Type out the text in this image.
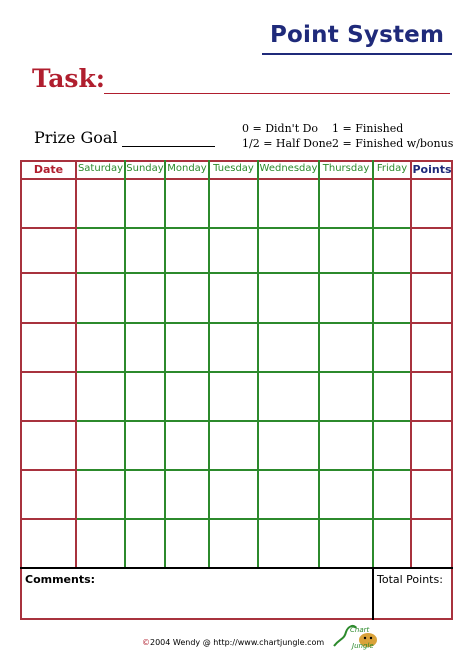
Point System
Task:
Prize Goal	0 = Didn't Do 1 = Finished
1/2 = Half Done 2 = Finished w/bonus
Date	Saturday Sunday Monday Tuesday Wednesday Thursday Friday Points
Comments:	Total Points:
©2004 Wendy @ http://www.chartjungle.com
Chart
Jungle
